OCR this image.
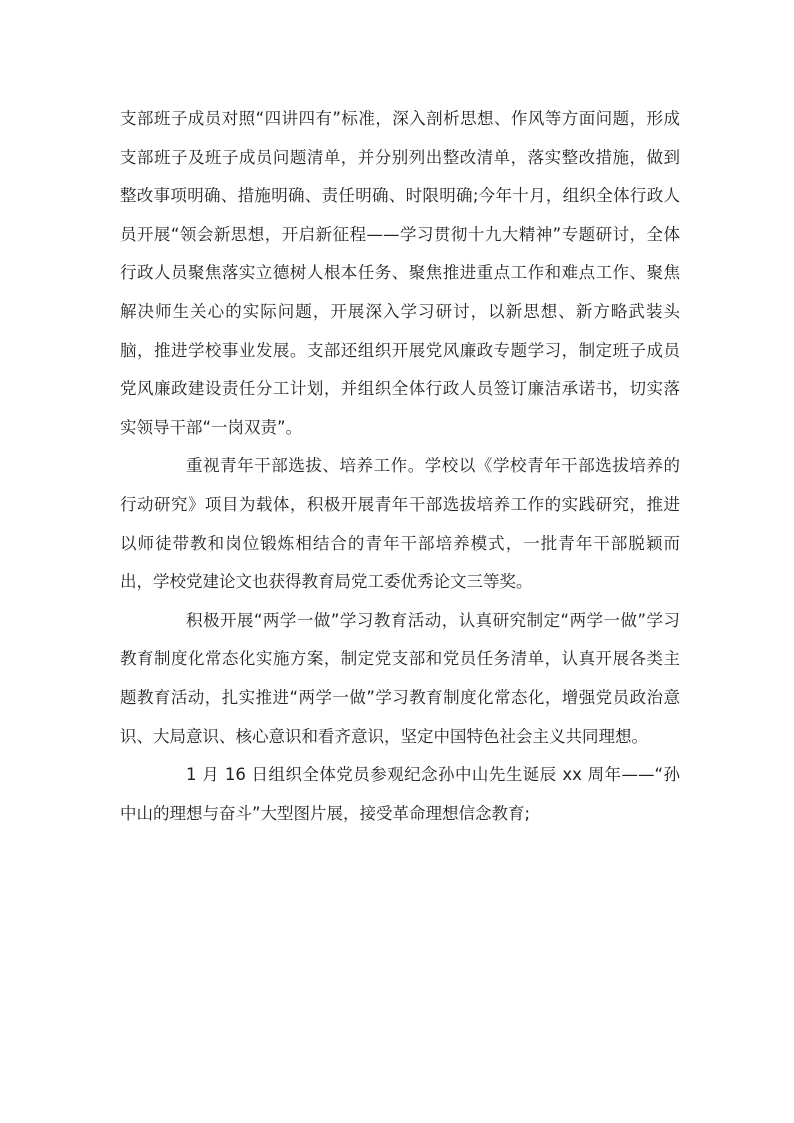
支部班子成员对照“四讲四有”标准，深入剖析思想、作风等方面问题，形成支部班子及班子成员问题清单，并分别列出整改清单，落实整改措施，做到整改事项明确、措施明确、责任明确、时限明确;今年十月，组织全体行政人员开展“领会新思想，开启新征程——学习贯彻十九大精神”专题研讨，全体行政人员聚焦落实立德树人根本任务、聚焦推进重点工作和难点工作、聚焦解决师生关心的实际问题，开展深入学习研讨，以新思想、新方略武装头脑，推进学校事业发展。支部还组织开展党风廉政专题学习，制定班子成员党风廉政建设责任分工计划，并组织全体行政人员签订廉洁承诺书，切实落实领导干部“一岗双责”。

重视青年干部选拔、培养工作。学校以《学校青年干部选拔培养的行动研究》项目为载体，积极开展青年干部选拔培养工作的实践研究，推进以师徒带教和岗位锻炼相结合的青年干部培养模式，一批青年干部脱颖而出，学校党建论文也获得教育局党工委优秀论文三等奖。

积极开展“两学一做”学习教育活动，认真研究制定“两学一做”学习教育制度化常态化实施方案，制定党支部和党员任务清单，认真开展各类主题教育活动，扎实推进“两学一做”学习教育制度化常态化，增强党员政治意识、大局意识、核心意识和看齐意识，坚定中国特色社会主义共同理想。

1 月 16 日组织全体党员参观纪念孙中山先生诞辰 xx 周年——“孙中山的理想与奋斗”大型图片展，接受革命理想信念教育;
